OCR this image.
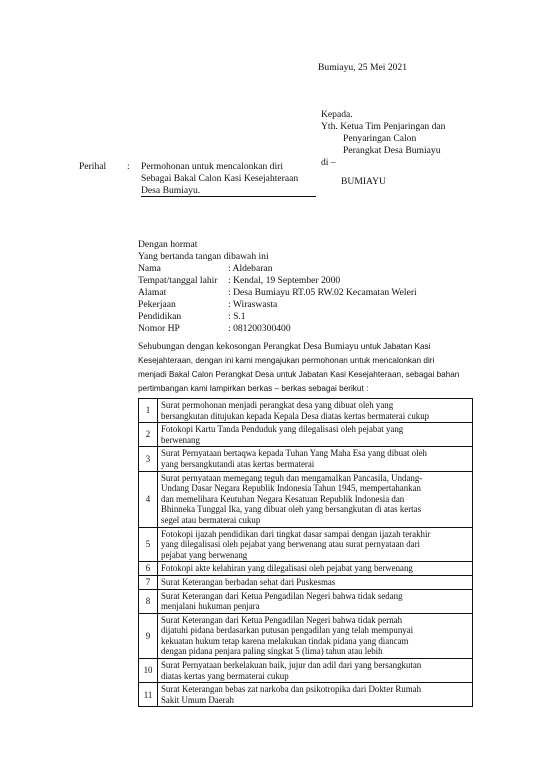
Bumiayu, 25 Mei 2021
Kepada.
Yth. Ketua Tim Penjaringan dan
Penyaringan Calon
Perangkat Desa Bumiayu
di –
BUMIAYU
Perihal : Permohonan untuk mencalonkan diri
Sebagai Bakal Calon Kasi Kesejahteraan
Desa Bumiayu.
Dengan hormat
Yang bertanda tangan dibawah ini
Nama	: Aldebaran
Tempat/tanggal lahir : Kendal, 19 September 2000
Alamat	: Desa Bumiayu RT.05 RW.02 Kecamatan Weleri
Pekerjaan	: Wiraswasta
Pendidikan	: S.1
Nomor HP	: 081200300400
Sehubungan dengan kekosongan Perangkat Desa Bumiayu untuk Jabatan Kasi
Kesejahteraan, dengan ini kami mengajukan permohonan untuk mencalonkan diri
menjadi Bakal Calon Perangkat Desa untuk Jabatan Kasi Kesejahteraan, sebagai bahan
pertimbangan kami lampirkan berkas – berkas sebagai berikut :
1	Surat permohonan menjadi perangkat desa yang dibuat oleh yang
bersangkutan ditujukan kepada Kepala Desa diatas kertas bermaterai cukup

2	Fotokopi Kartu Tanda Penduduk yang dilegalisasi oleh pejabat yang
berwenang

3	Surat Pernyataan bertaqwa kepada Tuhan Yang Maha Esa yang dibuat oleh
yang bersangkutandi atas kertas bermaterai

4	Surat pernyataan memegang teguh dan mengamalkan Pancasila, Undang-
Undang Dasar Negara Republik Indonesia Tahun 1945, mempertahankan
dan memelihara Keutuhan Negara Kesatuan Republik Indonesia dan
Bhinneka Tunggal Ika, yang dibuat oleh yang bersangkutan di atas kertas
segel atau bermaterai cukup

5	Fotokopi ijazah pendidikan dari tingkat dasar sampai dengan ijazah terakhir
yang dilegalisasi oleh pejabat yang berwenang atau surat pernyataan dari
pejabat yang berwenang

6	Fotokopi akte kelahiran yang dilegalisasi oleh pejabat yang berwenang

7	Surat Keterangan berbadan sehat dari Puskesmas

8	Surat Keterangan dari Ketua Pengadilan Negeri bahwa tidak sedang
menjalani hukuman penjara

9	Surat Keterangan dari Ketua Pengadilan Negeri bahwa tidak pernah
dijatuhi pidana berdasarkan putusan pengadilan yang telah mempunyai
kekuatan hukum tetap karena melakukan tindak pidana yang diancam
dengan pidana penjara paling singkat 5 (lima) tahun atau lebih

10	Surat Pernyataan berkelakuan baik, jujur dan adil dari yang bersangkutan
diatas kertas yang bermaterai cukup

11	Surat Keterangan bebas zat narkoba dan psikotropika dari Dokter Rumah
Sakit Umum Daerah
